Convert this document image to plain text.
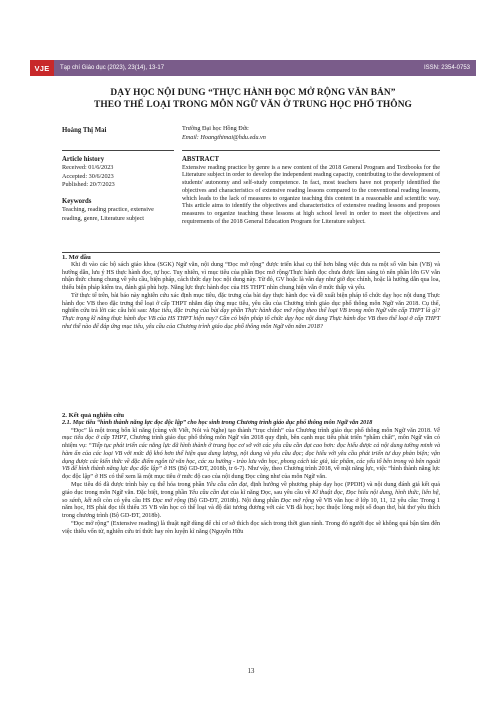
VJE	Tạp chí Giáo dục (2023), 23(14), 13-17	ISSN: 2354-0753
DẠY HỌC NỘI DUNG “THỰC HÀNH ĐỌC MỞ RỘNG VĂN BẢN”
THEO THỂ LOẠI TRONG MÔN NGỮ VĂN Ở TRUNG HỌC PHỔ THÔNG
Hoàng Thị Mai	Trường Đại học Hồng Đức
Email: Hoangthimai@hdu.edu.vn
Article history
Received: 01/6/2023
Accepted: 30/6/2023
Published: 20/7/2023
Keywords
Teaching, reading practice, extensive reading, genre, Literature subject
ABSTRACT
Extensive reading practice by genre is a new content of the 2018 General Program and Textbooks for the Literature subject in order to develop the independent reading capacity, contributing to the development of students' autonomy and self-study competence. In fact, most teachers have not properly identified the objectives and characteristics of extensive reading lessons compared to the conventional reading lessons, which leads to the lack of measures to organize teaching this content in a reasonable and scientific way. This article aims to identify the objectives and characteristics of extensive reading lessons and proposes measures to organize teaching these lessons at high school level in order to meet the objectives and requirements of the 2018 General Education Program for Literature subject.
1. Mở đầu

Khi đi vào các bộ sách giáo khoa (SGK) Ngữ văn, nội dung “Đọc mở rộng” được triển khai cụ thể hơn bằng việc đưa ra một số văn bản (VB) và hướng dẫn, lưu ý HS thực hành đọc, tự học. Tuy nhiên, vì mục tiêu của phần Đọc mở rộng/Thực hành đọc chưa được làm sáng tỏ nên phần lớn GV vẫn nhận thức chung chung về yêu cầu, biện pháp, cách thức dạy học nội dung này. Từ đó, GV hoặc là vẫn dạy như giờ đọc chính, hoặc là hướng dẫn qua loa, thiếu biện pháp kiểm tra, đánh giá phù hợp. Năng lực thực hành đọc của HS THPT nhìn chung hiện vẫn ở mức thấp và yếu.

Từ thực tế trên, bài báo này nghiên cứu xác định mục tiêu, đặc trưng của bài dạy thực hành đọc và đề xuất biện pháp tổ chức dạy học nội dung Thực hành đọc VB theo đặc trưng thể loại ở cấp THPT nhằm đáp ứng mục tiêu, yêu cầu của Chương trình giáo dục phổ thông môn Ngữ văn 2018. Cụ thể, nghiên cứu trả lời các câu hỏi sau: Mục tiêu, đặc trưng của bài dạy phần Thực hành đọc mở rộng theo thể loại VB trong môn Ngữ văn cấp THPT là gì? Thực trạng kĩ năng thực hành đọc VB của HS THPT hiện nay? Cần có biện pháp tổ chức dạy học nội dung Thực hành đọc VB theo thể loại ở cấp THPT như thế nào để đáp ứng mục tiêu, yêu cầu của Chương trình giáo dục phổ thông môn Ngữ văn năm 2018?

2. Kết quả nghiên cứu
2.1. Mục tiêu “hình thành năng lực đọc độc lập” cho học sinh trong Chương trình giáo dục phổ thông môn Ngữ văn 2018

“Đọc” là một trong bốn kĩ năng (cùng với Viết, Nói và Nghe) tạo thành “trục chính” của Chương trình giáo dục phổ thông môn Ngữ văn 2018. Về mục tiêu đọc ở cấp THPT, Chương trình giáo dục phổ thông môn Ngữ văn 2018 quy định, bên cạnh mục tiêu phát triển “phẩm chất”, môn Ngữ văn có nhiệm vụ: “Tiếp tục phát triển các năng lực đã hình thành ở trung học cơ sở với các yêu cầu cần đạt cao hơn: đọc hiểu được cả nội dung tường minh và hàm ẩn của các loại VB với mức độ khó hơn thể hiện qua dung lượng, nội dung và yêu cầu đọc; đọc hiểu với yêu cầu phát triển tư duy phản biện; vận dụng được các kiến thức về đặc điểm ngôn từ văn học, các xu hướng - trào lưu văn học, phong cách tác giả, tác phẩm, các yếu tố bên trong và bên ngoài VB để hình thành năng lực đọc độc lập” ở HS (Bộ GD-ĐT, 2018b, tr 6-7). Như vậy, theo Chương trình 2018, về mặt năng lực, việc “hình thành năng lực đọc độc lập” ở HS có thể xem là một mục tiêu ở mức độ cao của nội dung Đọc cũng như của môn Ngữ văn.

Mục tiêu đó đã được trình bày cụ thể hóa trong phần Yêu cầu cần đạt, định hướng về phương pháp dạy học (PPDH) và nội dung đánh giá kết quả giáo dục trong môn Ngữ văn. Đặc biệt, trong phần Yêu cầu cần đạt của kĩ năng Đọc, sau yêu cầu về Kĩ thuật đọc, Đọc hiểu nội dung, hình thức, liên hệ, so sánh, kết nối còn có yêu cầu HS Đọc mở rộng (Bộ GD-ĐT, 2018b). Nội dung phần Đọc mở rộng về VB văn học ở lớp 10, 11, 12 yêu cầu: Trong 1 năm học, HS phải đọc tối thiểu 35 VB văn học có thể loại và độ dài tương đương với các VB đã học; học thuộc lòng một số đoạn thơ, bài thơ yêu thích trong chương trình (Bộ GD-ĐT, 2018b).

“Đọc mở rộng” (Extensive reading) là thuật ngữ dùng để chỉ cơ sở thích đọc sách trong thời gian rảnh. Trong đó người đọc sẽ không quá bận tâm đến việc thiếu vốn từ, nghiên cứu trí thức hay rèn luyện kĩ năng (Nguyễn Hữu

13
